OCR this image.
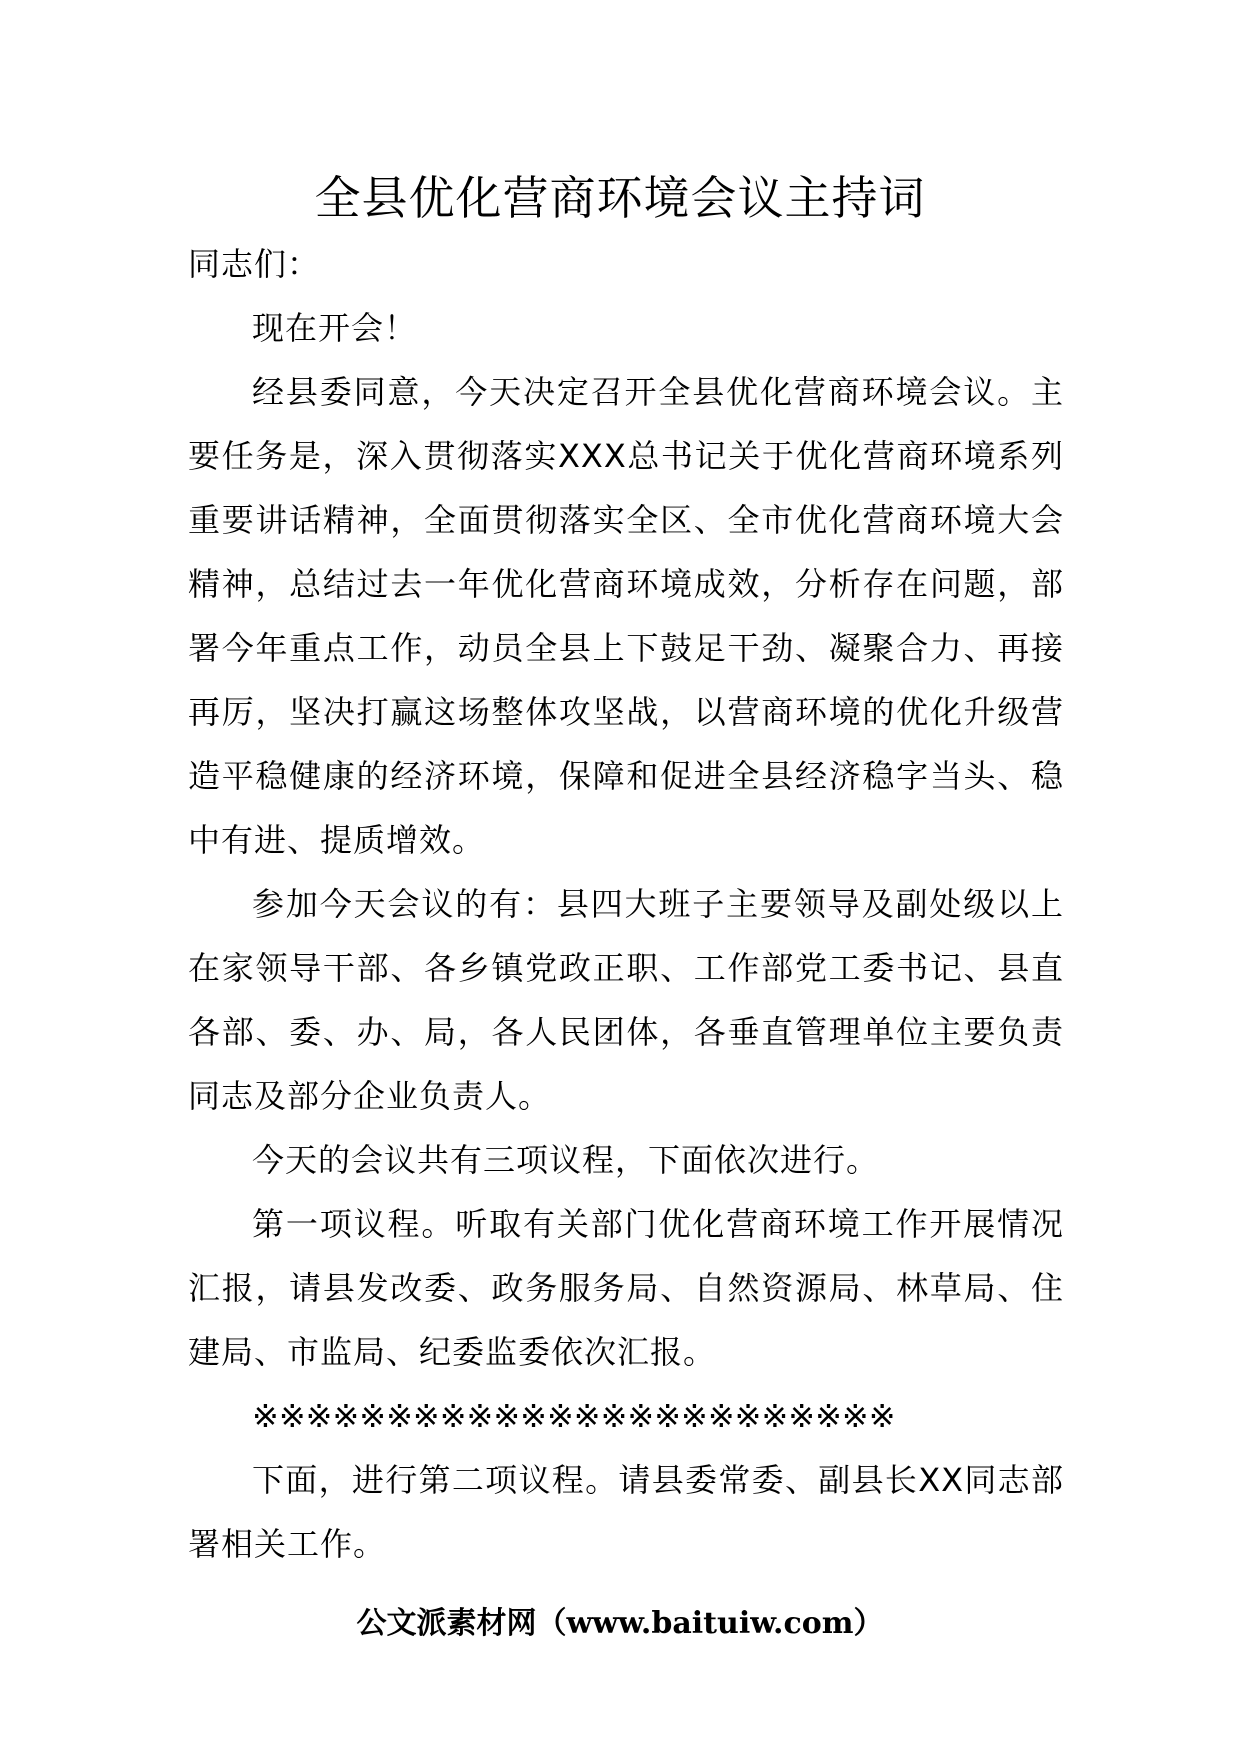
全县优化营商环境会议主持词

同志们：

现在开会！

经县委同意，今天决定召开全县优化营商环境会议。主要任务是，深入贯彻落实XXX总书记关于优化营商环境系列重要讲话精神，全面贯彻落实全区、全市优化营商环境大会精神，总结过去一年优化营商环境成效，分析存在问题，部署今年重点工作，动员全县上下鼓足干劲、凝聚合力、再接再厉，坚决打赢这场整体攻坚战，以营商环境的优化升级营造平稳健康的经济环境，保障和促进全县经济稳字当头、稳中有进、提质增效。

参加今天会议的有：县四大班子主要领导及副处级以上在家领导干部、各乡镇党政正职、工作部党工委书记、县直各部、委、办、局，各人民团体，各垂直管理单位主要负责同志及部分企业负责人。

今天的会议共有三项议程，下面依次进行。

第一项议程。听取有关部门优化营商环境工作开展情况汇报，请县发改委、政务服务局、自然资源局、林草局、住建局、市监局、纪委监委依次汇报。

※※※※※※※※※※※※※※※※※※※※※※※※

下面，进行第二项议程。请县委常委、副县长XX同志部署相关工作。

公文派素材网（www.baituiw.com）
